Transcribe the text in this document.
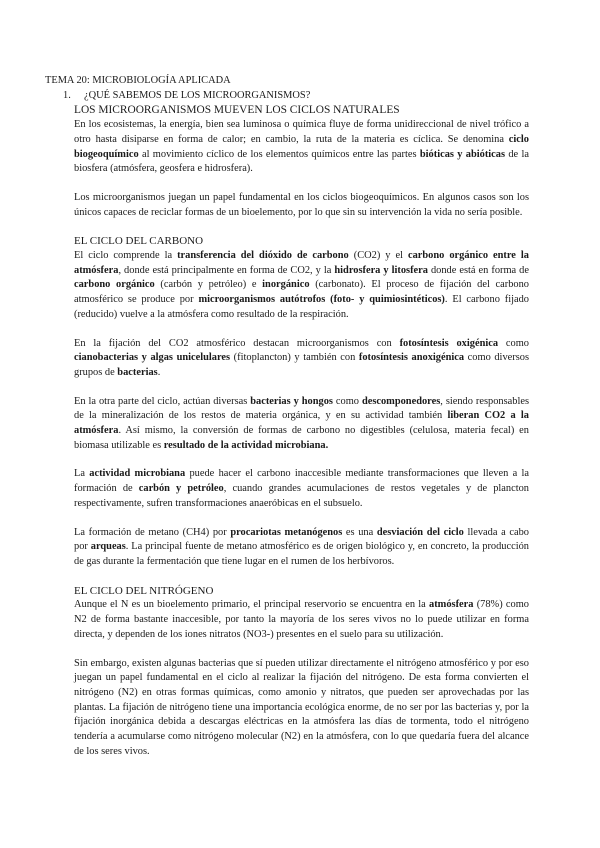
TEMA 20: MICROBIOLOGÍA APLICADA
1. ¿QUÉ SABEMOS DE LOS MICROORGANISMOS?
LOS MICROORGANISMOS MUEVEN LOS CICLOS NATURALES

En los ecosistemas, la energía, bien sea luminosa o química fluye de forma unidireccional de nivel trófico a otro hasta disiparse en forma de calor; en cambio, la ruta de la materia es cíclica. Se denomina ciclo biogeoquímico al movimiento cíclico de los elementos químicos entre las partes bióticas y abióticas de la biosfera (atmósfera, geosfera e hidrosfera).

Los microorganismos juegan un papel fundamental en los ciclos biogeoquímicos. En algunos casos son los únicos capaces de reciclar formas de un bioelemento, por lo que sin su intervención la vida no sería posible.

EL CICLO DEL CARBONO

El ciclo comprende la transferencia del dióxido de carbono (CO2) y el carbono orgánico entre la atmósfera, donde está principalmente en forma de CO2, y la hidrosfera y litosfera donde está en forma de carbono orgánico (carbón y petróleo) e inorgánico (carbonato). El proceso de fijación del carbono atmosférico se produce por microorganismos autótrofos (foto- y quimiosintéticos). El carbono fijado (reducido) vuelve a la atmósfera como resultado de la respiración.

En la fijación del CO2 atmosférico destacan microorganismos con fotosíntesis oxigénica como cianobacterias y algas unicelulares (fitoplancton) y también con fotosíntesis anoxigénica como diversos grupos de bacterias.

En la otra parte del ciclo, actúan diversas bacterias y hongos como descomponedores, siendo responsables de la mineralización de los restos de materia orgánica, y en su actividad también liberan CO2 a la atmósfera. Así mismo, la conversión de formas de carbono no digestibles (celulosa, materia fecal) en biomasa utilizable es resultado de la actividad microbiana.

La actividad microbiana puede hacer el carbono inaccesible mediante transformaciones que lleven a la formación de carbón y petróleo, cuando grandes acumulaciones de restos vegetales y de plancton respectivamente, sufren transformaciones anaeróbicas en el subsuelo.

La formación de metano (CH4) por procariotas metanógenos es una desviación del ciclo llevada a cabo por arqueas. La principal fuente de metano atmosférico es de origen biológico y, en concreto, la producción de gas durante la fermentación que tiene lugar en el rumen de los herbívoros.

EL CICLO DEL NITRÓGENO

Aunque el N es un bioelemento primario, el principal reservorio se encuentra en la atmósfera (78%) como N2 de forma bastante inaccesible, por tanto la mayoría de los seres vivos no lo puede utilizar en forma directa, y dependen de los iones nitratos (NO3-) presentes en el suelo para su utilización.

Sin embargo, existen algunas bacterias que sí pueden utilizar directamente el nitrógeno atmosférico y por eso juegan un papel fundamental en el ciclo al realizar la fijación del nitrógeno. De esta forma convierten el nitrógeno (N2) en otras formas químicas, como amonio y nitratos, que pueden ser aprovechadas por las plantas. La fijación de nitrógeno tiene una importancia ecológica enorme, de no ser por las bacterias y, por la fijación inorgánica debida a descargas eléctricas en la atmósfera las días de tormenta, todo el nitrógeno tendería a acumularse como nitrógeno molecular (N2) en la atmósfera, con lo que quedaría fuera del alcance de los seres vivos.
